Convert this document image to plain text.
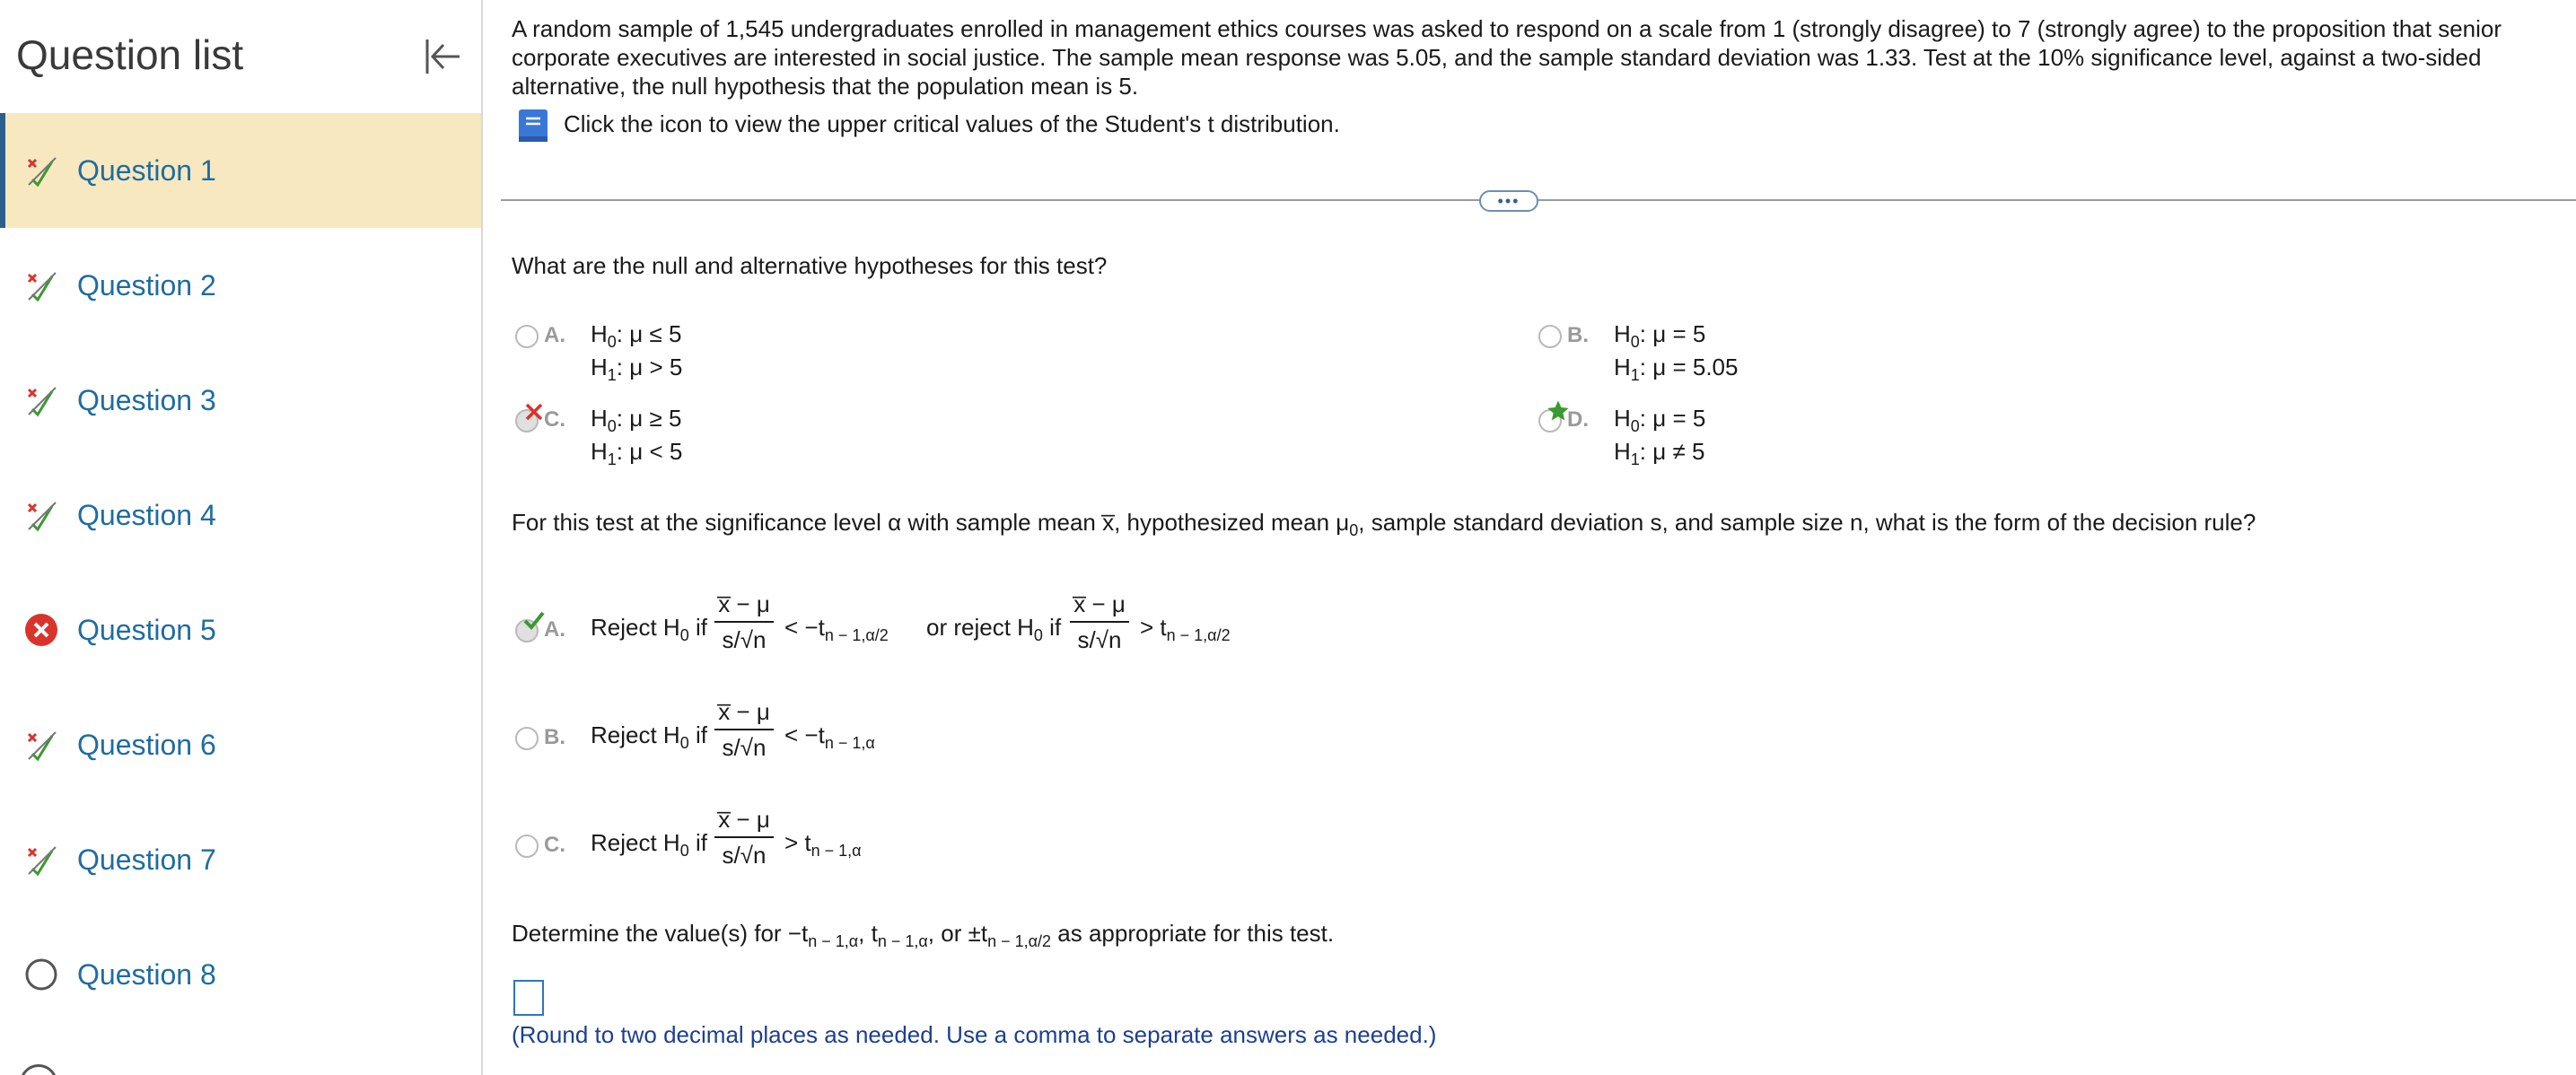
Question list
Question 1
Question 2
Question 3
Question 4
Question 5
Question 6
Question 7
Question 8
A random sample of 1,545 undergraduates enrolled in management ethics courses was asked to respond on a scale from 1 (strongly disagree) to 7 (strongly agree) to the proposition that senior
corporate executives are interested in social justice. The sample mean response was 5.05, and the sample standard deviation was 1.33. Test at the 10% significance level, against a two-sided
alternative, the null hypothesis that the population mean is 5.
Click the icon to view the upper critical values of the Student's t distribution.
•••
What are the null and alternative hypotheses for this test?
A. $H_0$: μ ≤ 5
$H_1$: μ > 5
B. $H_0$: μ = 5
$H_1$: μ = 5.05
C. $H_0$: μ ≥ 5
$H_1$: μ < 5
D. $H_0$: μ = 5
$H_1$: μ ≠ 5
For this test at the significance level α with sample mean x̅, hypothesized mean $\mu_0$, sample standard deviation s, and sample size n, what is the form of the decision rule?
A. Reject $H_0$ if
x̅ − μ
$s/√n < -t_{n - 1,\alpha/2}$ or reject $H_0$ if
x̅ − μ
$s/√n > t_{n - 1,\alpha/2}$
B. Reject $H_0$ if
x̅ − μ
$s/√n < -t_{n - 1,\alpha}$
C. Reject $H_0$ if
x̅ − μ
$s/√n > t_{n - 1,\alpha}$
Determine the value(s) for $-t_{n - 1,\alpha}$, $t_{n - 1,\alpha}$, or $\pm t_{n - 1,\alpha/2}$ as appropriate for this test.
(Round to two decimal places as needed. Use a comma to separate answers as needed.)
